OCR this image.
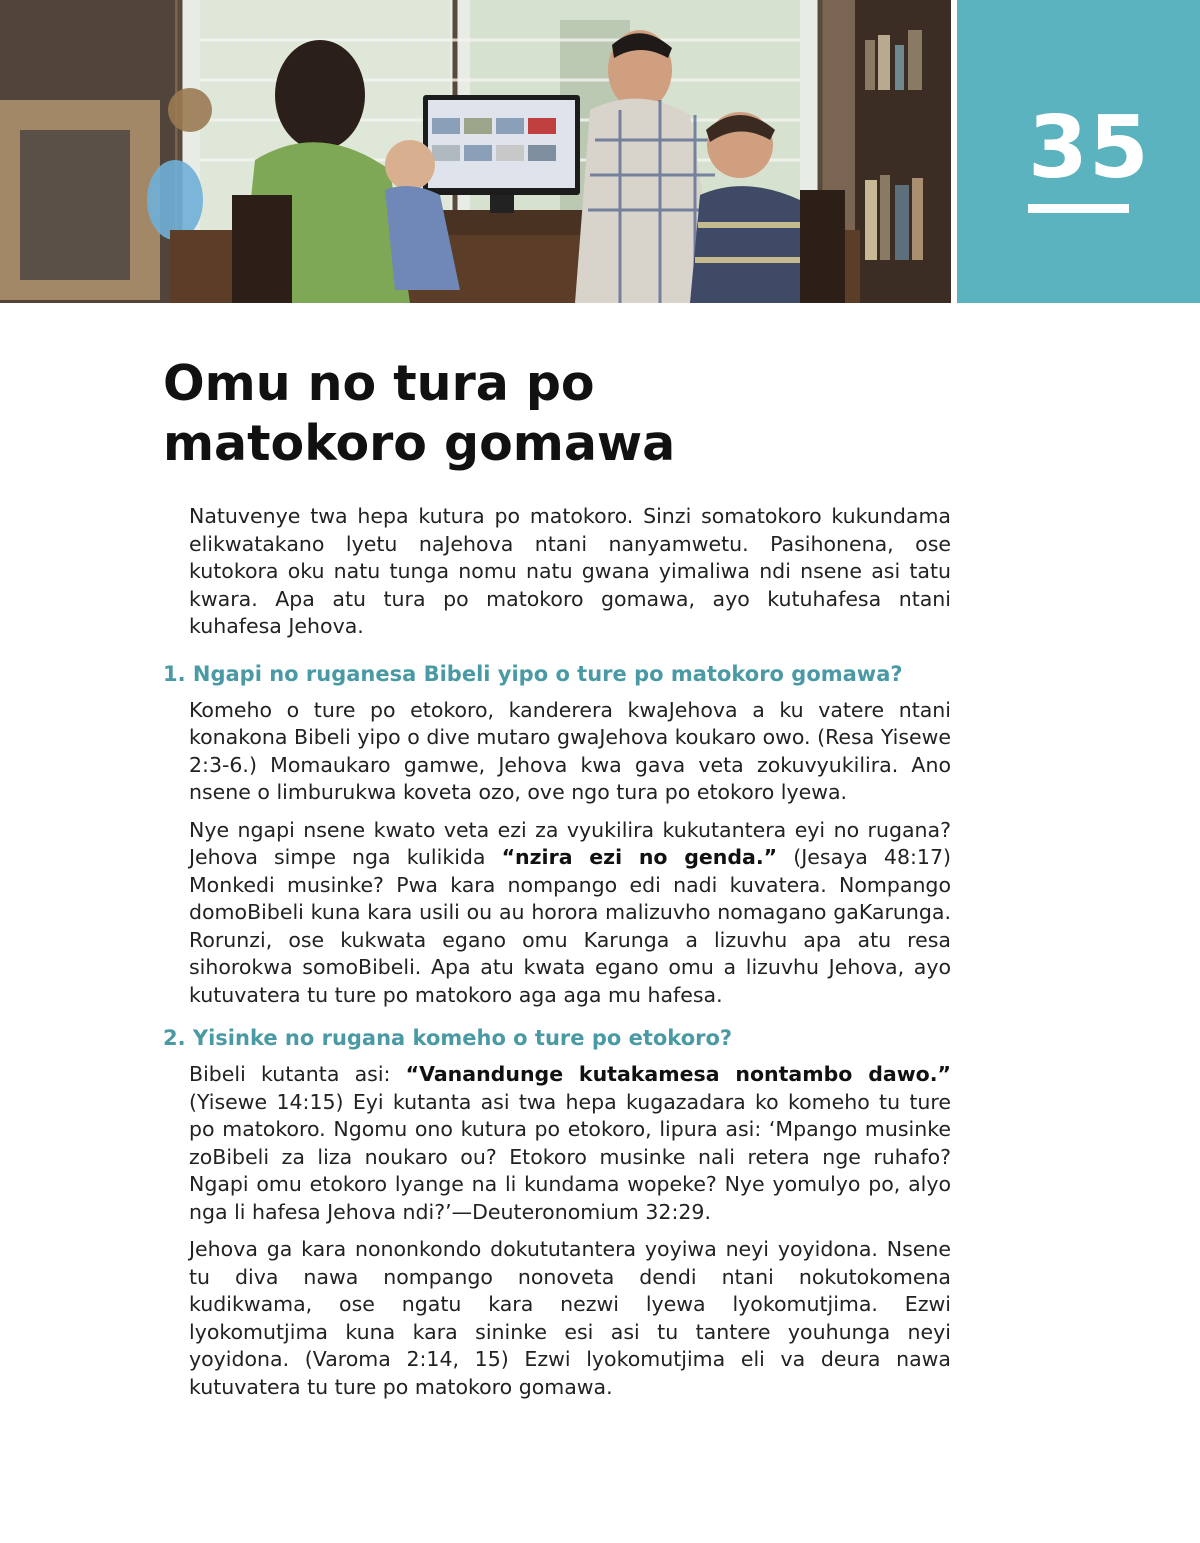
35
Omu no tura po
matokoro gomawa

Natuvenye twa hepa kutura po matokoro. Sinzi somatokoro kukundama elikwatakano lyetu naJehova ntani nanyamwetu. Pasihonena, ose kutokora oku natu tunga nomu natu gwana yimaliwa ndi nsene asi tatu kwara. Apa atu tura po matokoro gomawa, ayo kutuhafesa ntani kuhafesa Jehova.

1. Ngapi no ruganesa Bibeli yipo o ture po matokoro gomawa?

Komeho o ture po etokoro, kanderera kwaJehova a ku vatere ntani konakona Bibeli yipo o dive mutaro gwaJehova koukaro owo. (Resa Yisewe 2:3-6.) Momaukaro gamwe, Jehova kwa gava veta zokuvyukilira. Ano nsene o limburukwa koveta ozo, ove ngo tura po etokoro lyewa.

Nye ngapi nsene kwato veta ezi za vyukilira kukutantera eyi no rugana? Jehova simpe nga kulikida “nzira ezi no genda.” (Jesaya 48:17) Monkedi musinke? Pwa kara nompango edi nadi kuvatera. Nompango domoBibeli kuna kara usili ou au horora malizuvho nomagano gaKarunga. Rorunzi, ose kukwata egano omu Karunga a lizuvhu apa atu resa sihorokwa somoBibeli. Apa atu kwata egano omu a lizuvhu Jehova, ayo kutuvatera tu ture po matokoro aga aga mu hafesa.

2. Yisinke no rugana komeho o ture po etokoro?

Bibeli kutanta asi: “Vanandunge kutakamesa nontambo dawo.” (Yisewe 14:15) Eyi kutanta asi twa hepa kugazadara ko komeho tu ture po matokoro. Ngomu ono kutura po etokoro, lipura asi: ‘Mpango musinke zoBibeli za liza noukaro ou? Etokoro musinke nali retera nge ruhafo? Ngapi omu etokoro lyange na li kundama wopeke? Nye yomulyo po, alyo nga li hafesa Jehova ndi?’—Deuteronomium 32:29.

Jehova ga kara nononkondo dokututantera yoyiwa neyi yoyidona. Nsene tu diva nawa nompango nonoveta dendi ntani nokutokomena kudikwama, ose ngatu kara nezwi lyewa lyokomutjima. Ezwi lyokomutjima kuna kara sininke esi asi tu tantere youhunga neyi yoyidona. (Varoma 2:14, 15) Ezwi lyokomutjima eli va deura nawa kutuvatera tu ture po matokoro gomawa.
